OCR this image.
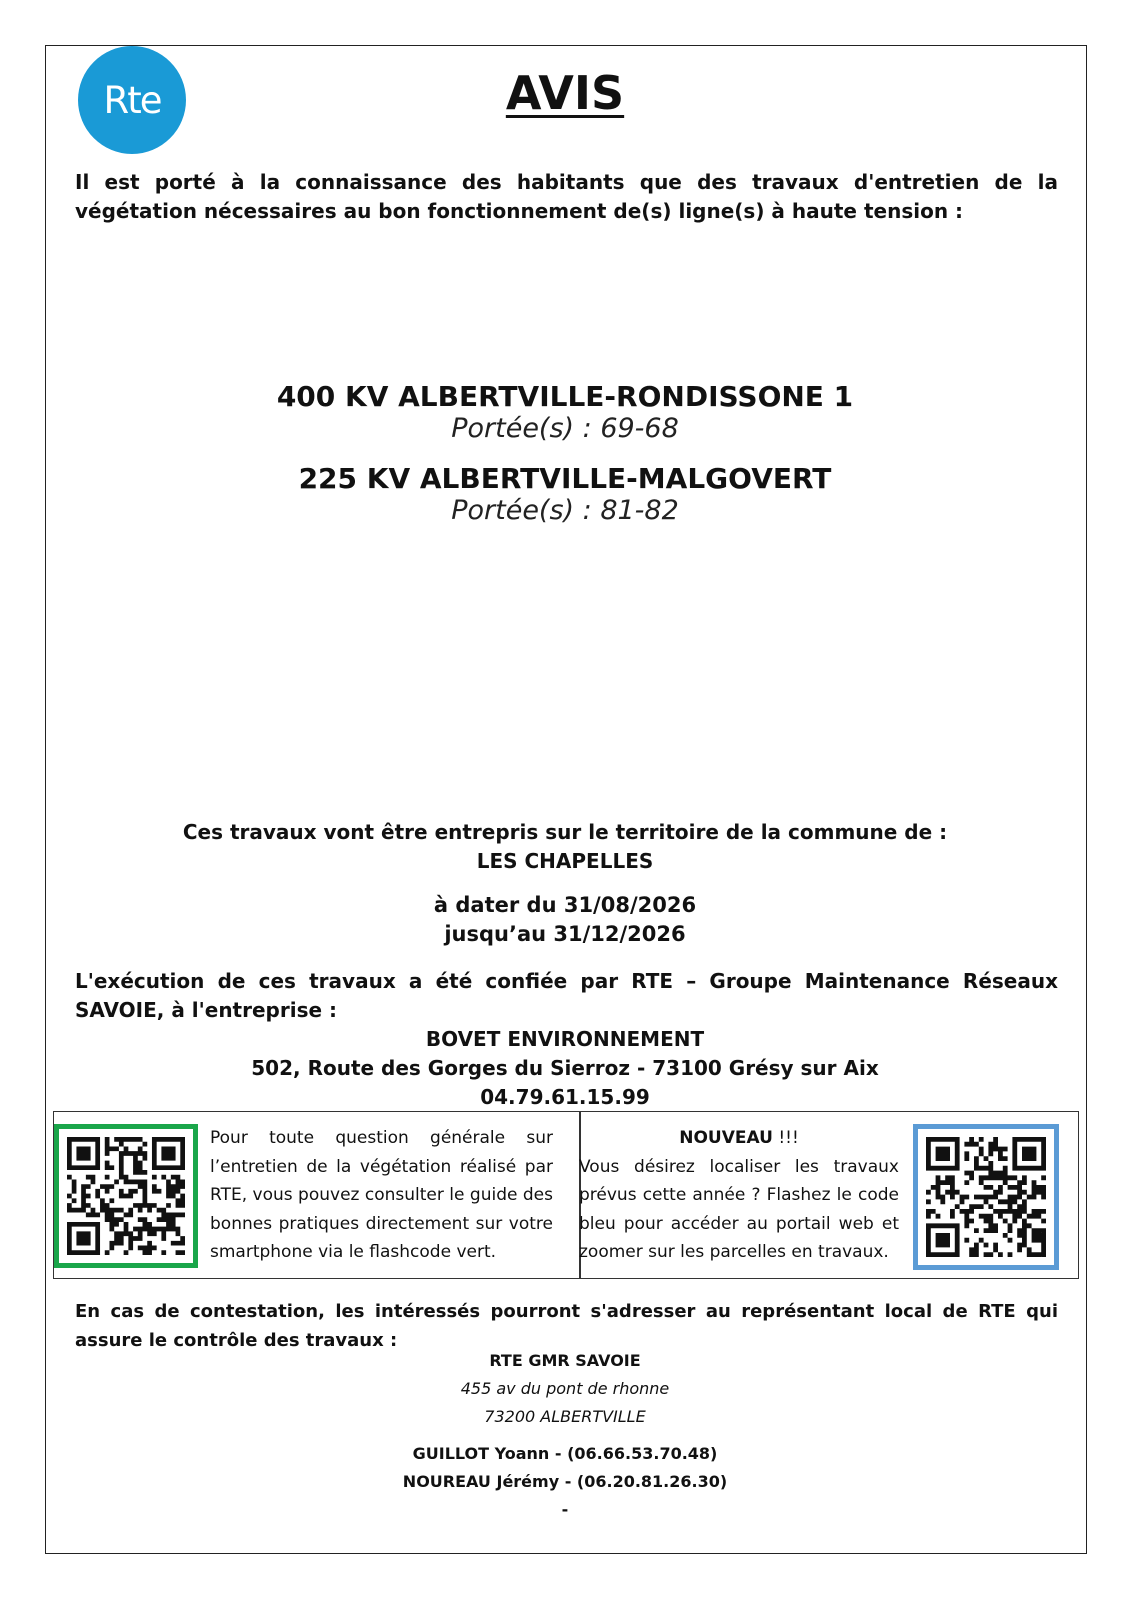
Rte	AVIS
Il est porté à la connaissance des habitants que des travaux d'entretien de la végétation nécessaires au bon fonctionnement de(s) ligne(s) à haute tension :
400 KV ALBERTVILLE-RONDISSONE 1
Portée(s) : 69-68
225 KV ALBERTVILLE-MALGOVERT
Portée(s) : 81-82
Ces travaux vont être entrepris sur le territoire de la commune de :
LES CHAPELLES
à dater du 31/08/2026
jusqu’au 31/12/2026
L'exécution de ces travaux a été confiée par RTE – Groupe Maintenance Réseaux SAVOIE, à l'entreprise :
BOVET ENVIRONNEMENT
502, Route des Gorges du Sierroz - 73100 Grésy sur Aix
04.79.61.15.99
Pour toute question générale sur l’entretien de la végétation réalisé par RTE, vous pouvez consulter le guide des bonnes pratiques directement sur votre smartphone via le flashcode vert.
NOUVEAU !!!
Vous désirez localiser les travaux prévus cette année ? Flashez le code bleu pour accéder au portail web et zoomer sur les parcelles en travaux.
En cas de contestation, les intéressés pourront s'adresser au représentant local de RTE qui assure le contrôle des travaux :
RTE GMR SAVOIE
455 av du pont de rhonne
73200 ALBERTVILLE
GUILLOT Yoann - (06.66.53.70.48)
NOUREAU Jérémy - (06.20.81.26.30)
-
